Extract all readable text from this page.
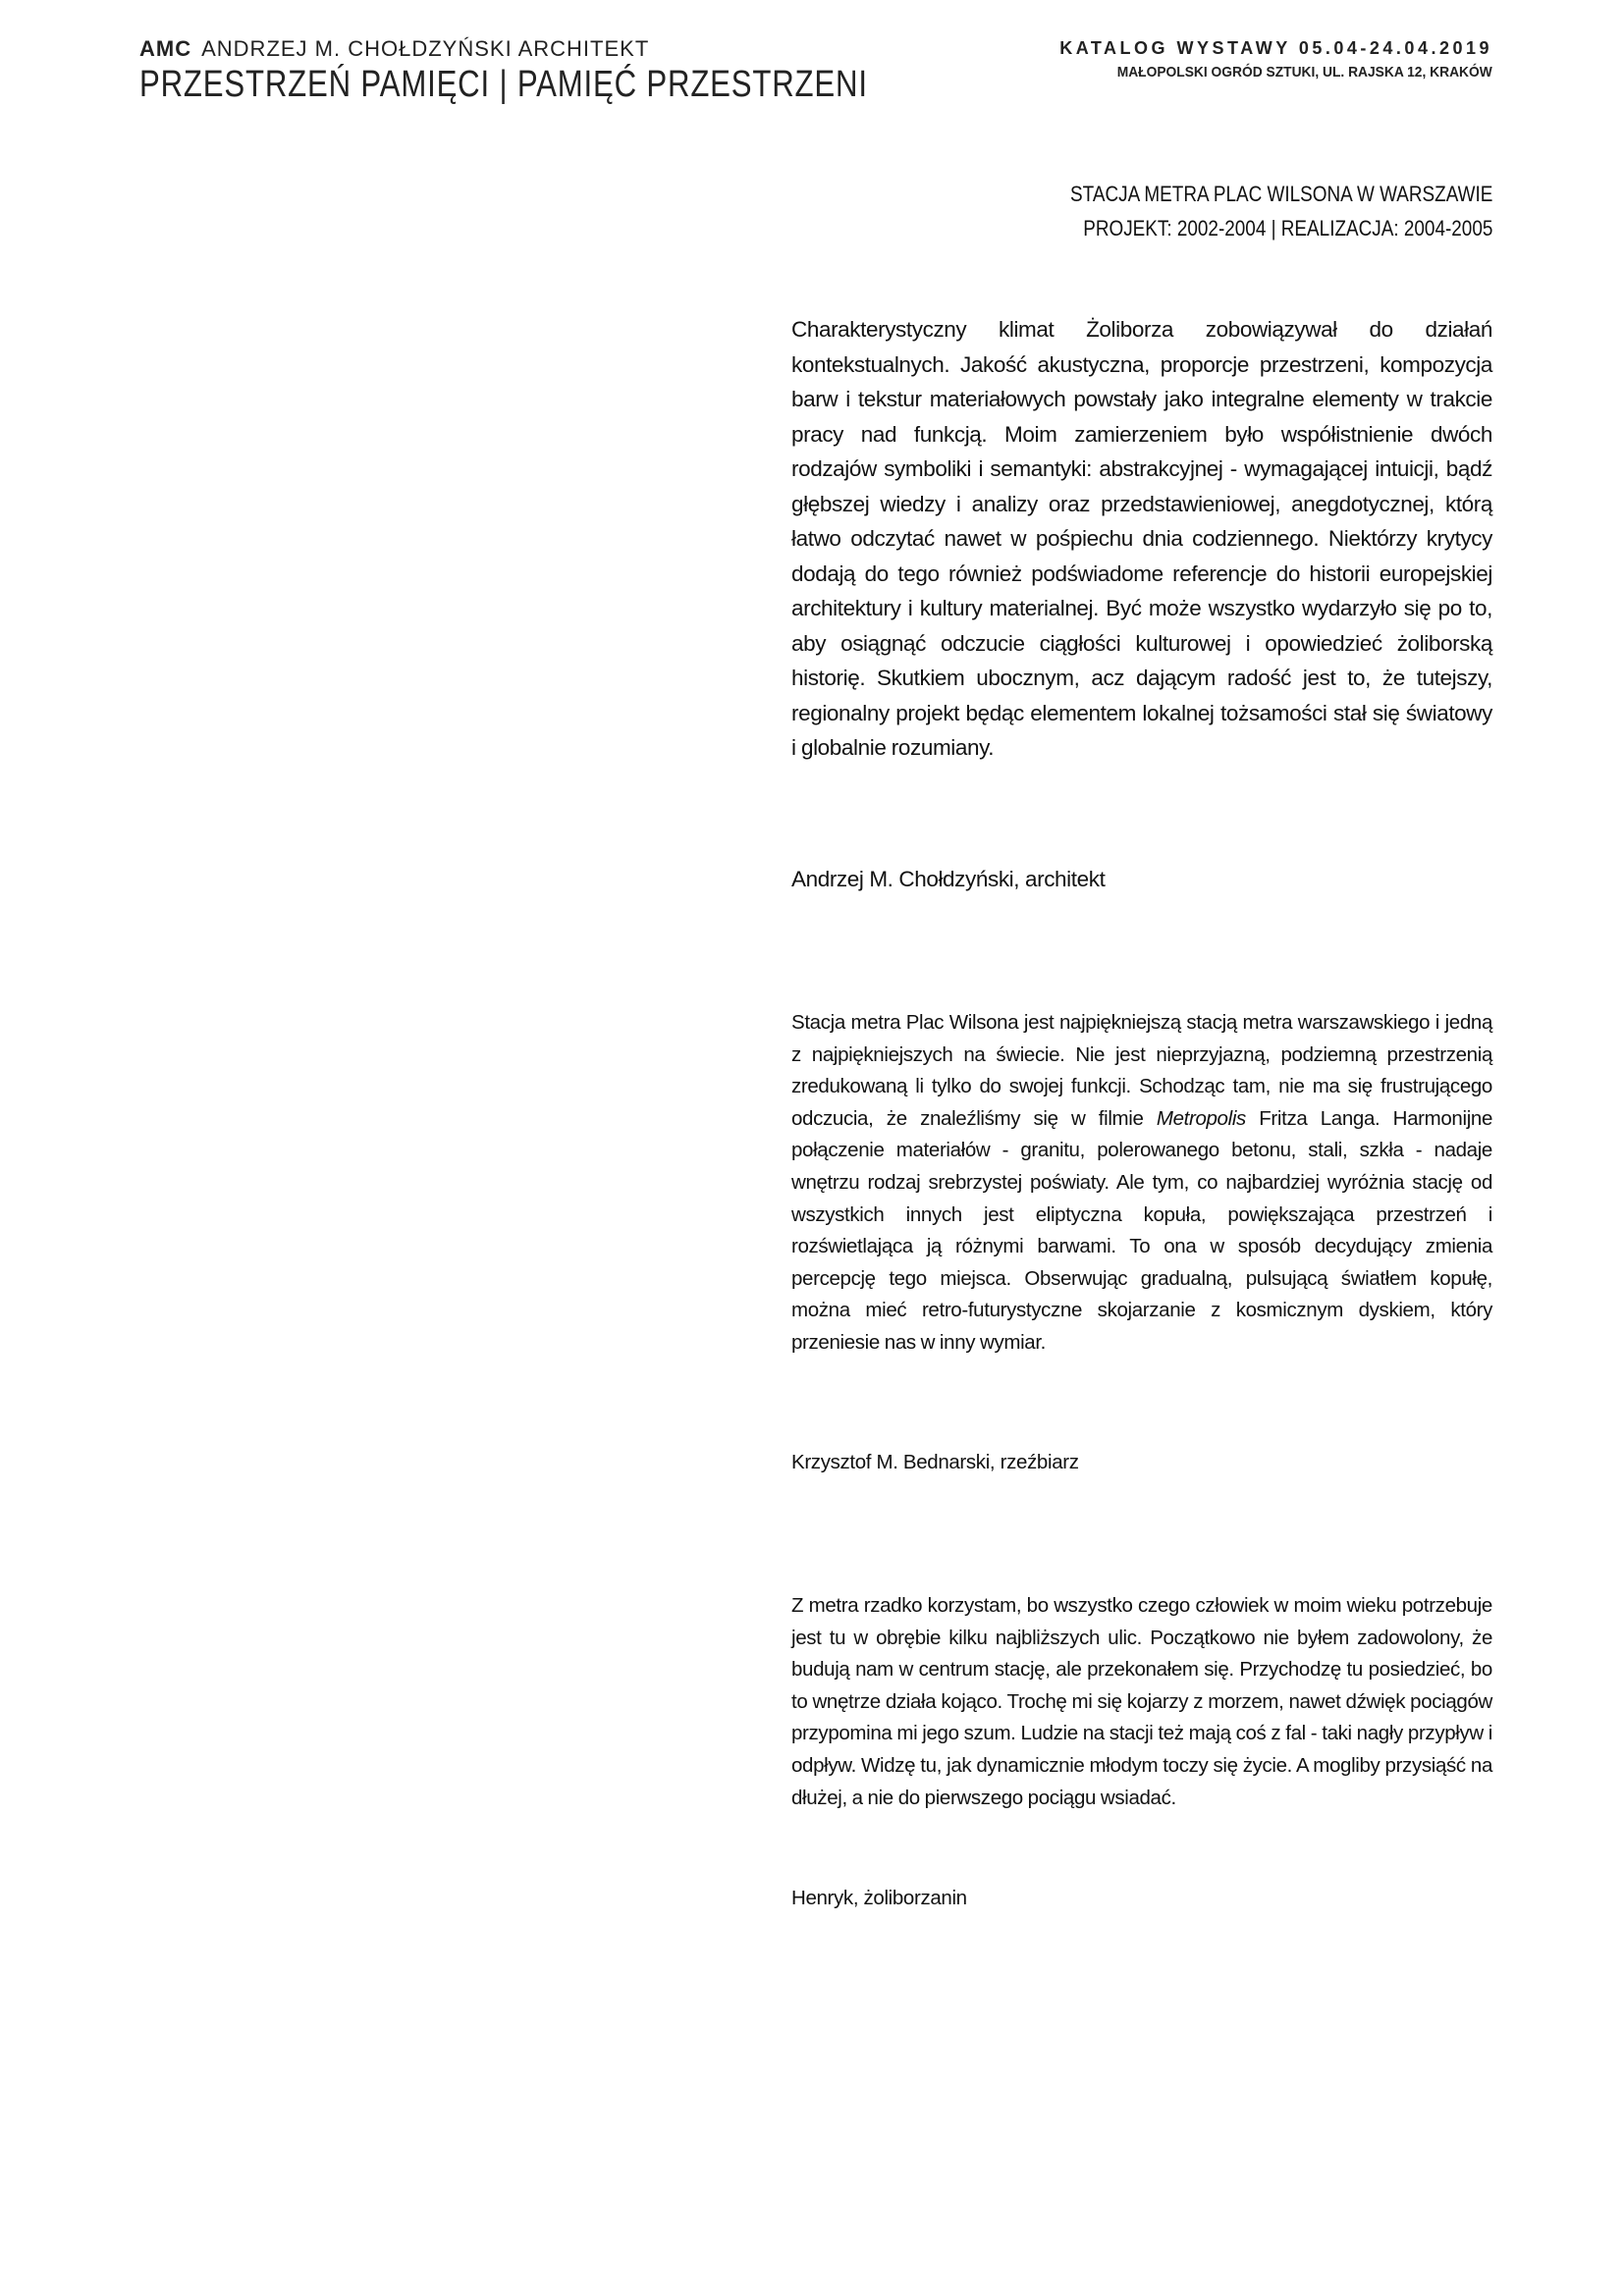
AMC ANDRZEJ M. CHOŁDZYŃSKI ARCHITEKT
PRZESTRZEŃ PAMIĘCI | PAMIĘĆ PRZESTRZENI
KATALOG WYSTAWY 05.04-24.04.2019
MAŁOPOLSKI OGRÓD SZTUKI, UL. RAJSKA 12, KRAKÓW
STACJA METRA PLAC WILSONA W WARSZAWIE
PROJEKT: 2002-2004 | REALIZACJA: 2004-2005

Charakterystyczny klimat Żoliborza zobowiązywał do działań kontekstualnych. Jakość akustyczna, proporcje przestrzeni, kompozycja barw i tekstur materiałowych powstały jako integralne elementy w trakcie pracy nad funkcją. Moim zamierzeniem było współistnienie dwóch rodzajów symboliki i semantyki: abstrakcyjnej - wymagającej intuicji, bądź głębszej wiedzy i analizy oraz przedstawieniowej, anegdotycznej, którą łatwo odczytać nawet w pośpiechu dnia codziennego. Niektórzy krytycy dodają do tego również podświadome referencje do historii europejskiej architektury i kultury materialnej. Być może wszystko wydarzyło się po to, aby osiągnąć odczucie ciągłości kulturowej i opowiedzieć żoliborską historię. Skutkiem ubocznym, acz dającym radość jest to, że tutejszy, regionalny projekt będąc elementem lokalnej tożsamości stał się światowy i globalnie rozumiany.

Andrzej M. Chołdzyński, architekt

Stacja metra Plac Wilsona jest najpiękniejszą stacją metra warszawskiego i jedną z najpiękniejszych na świecie. Nie jest nieprzyjazną, podziemną przestrzenią zredukowaną li tylko do swojej funkcji. Schodząc tam, nie ma się frustrującego odczucia, że znaleźliśmy się w filmie Metropolis Fritza Langa. Harmonijne połączenie materiałów - granitu, polerowanego betonu, stali, szkła - nadaje wnętrzu rodzaj srebrzystej poświaty. Ale tym, co najbardziej wyróżnia stację od wszystkich innych jest eliptyczna kopuła, powiększająca przestrzeń i rozświetlająca ją różnymi barwami. To ona w sposób decydujący zmienia percepcję tego miejsca. Obserwując gradualną, pulsującą światłem kopułę, można mieć retro-futurystyczne skojarzanie z kosmicznym dyskiem, który przeniesie nas w inny wymiar.

Krzysztof M. Bednarski, rzeźbiarz

Z metra rzadko korzystam, bo wszystko czego człowiek w moim wieku potrzebuje jest tu w obrębie kilku najbliższych ulic. Początkowo nie byłem zadowolony, że budują nam w centrum stację, ale przekonałem się. Przychodzę tu posiedzieć, bo to wnętrze działa kojąco. Trochę mi się kojarzy z morzem, nawet dźwięk pociągów przypomina mi jego szum. Ludzie na stacji też mają coś z fal - taki nagły przypływ i odpływ. Widzę tu, jak dynamicznie młodym toczy się życie. A mogliby przysiąść na dłużej, a nie do pierwszego pociągu wsiadać.

Henryk, żoliborzanin
